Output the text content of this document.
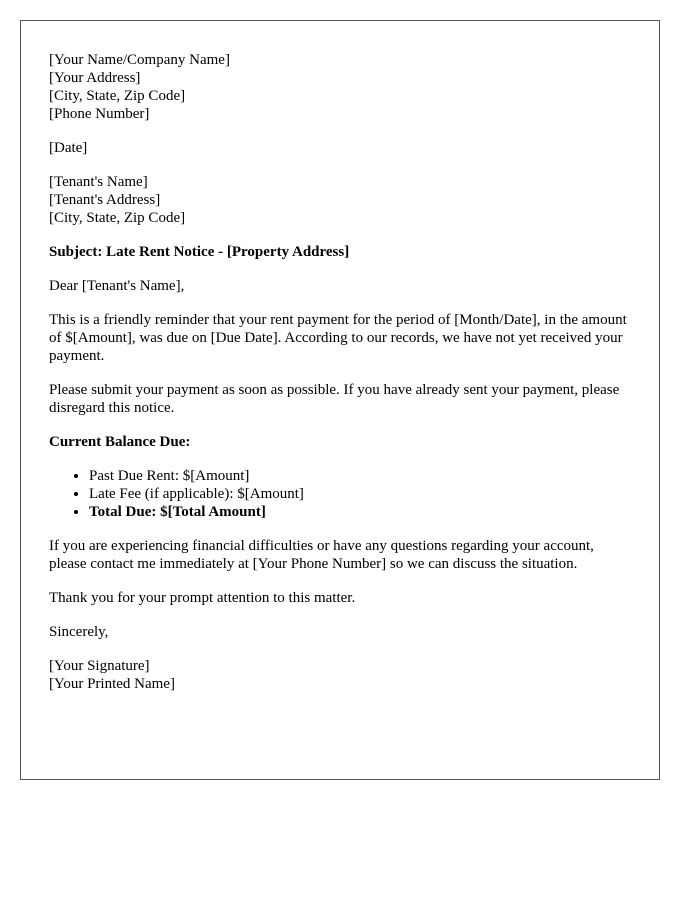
[Your Name/Company Name]
[Your Address]
[City, State, Zip Code]
[Phone Number]
[Date]
[Tenant's Name]
[Tenant's Address]
[City, State, Zip Code]
Subject: Late Rent Notice - [Property Address]

Dear [Tenant's Name],

This is a friendly reminder that your rent payment for the period of [Month/Date], in the amount of $[Amount], was due on [Due Date]. According to our records, we have not yet received your payment.

Please submit your payment as soon as possible. If you have already sent your payment, please disregard this notice.

Current Balance Due:
• Past Due Rent: $[Amount]
• Late Fee (if applicable): $[Amount]
• Total Due: $[Total Amount]

If you are experiencing financial difficulties or have any questions regarding your account, please contact me immediately at [Your Phone Number] so we can discuss the situation.

Thank you for your prompt attention to this matter.

Sincerely,

[Your Signature]
[Your Printed Name]
